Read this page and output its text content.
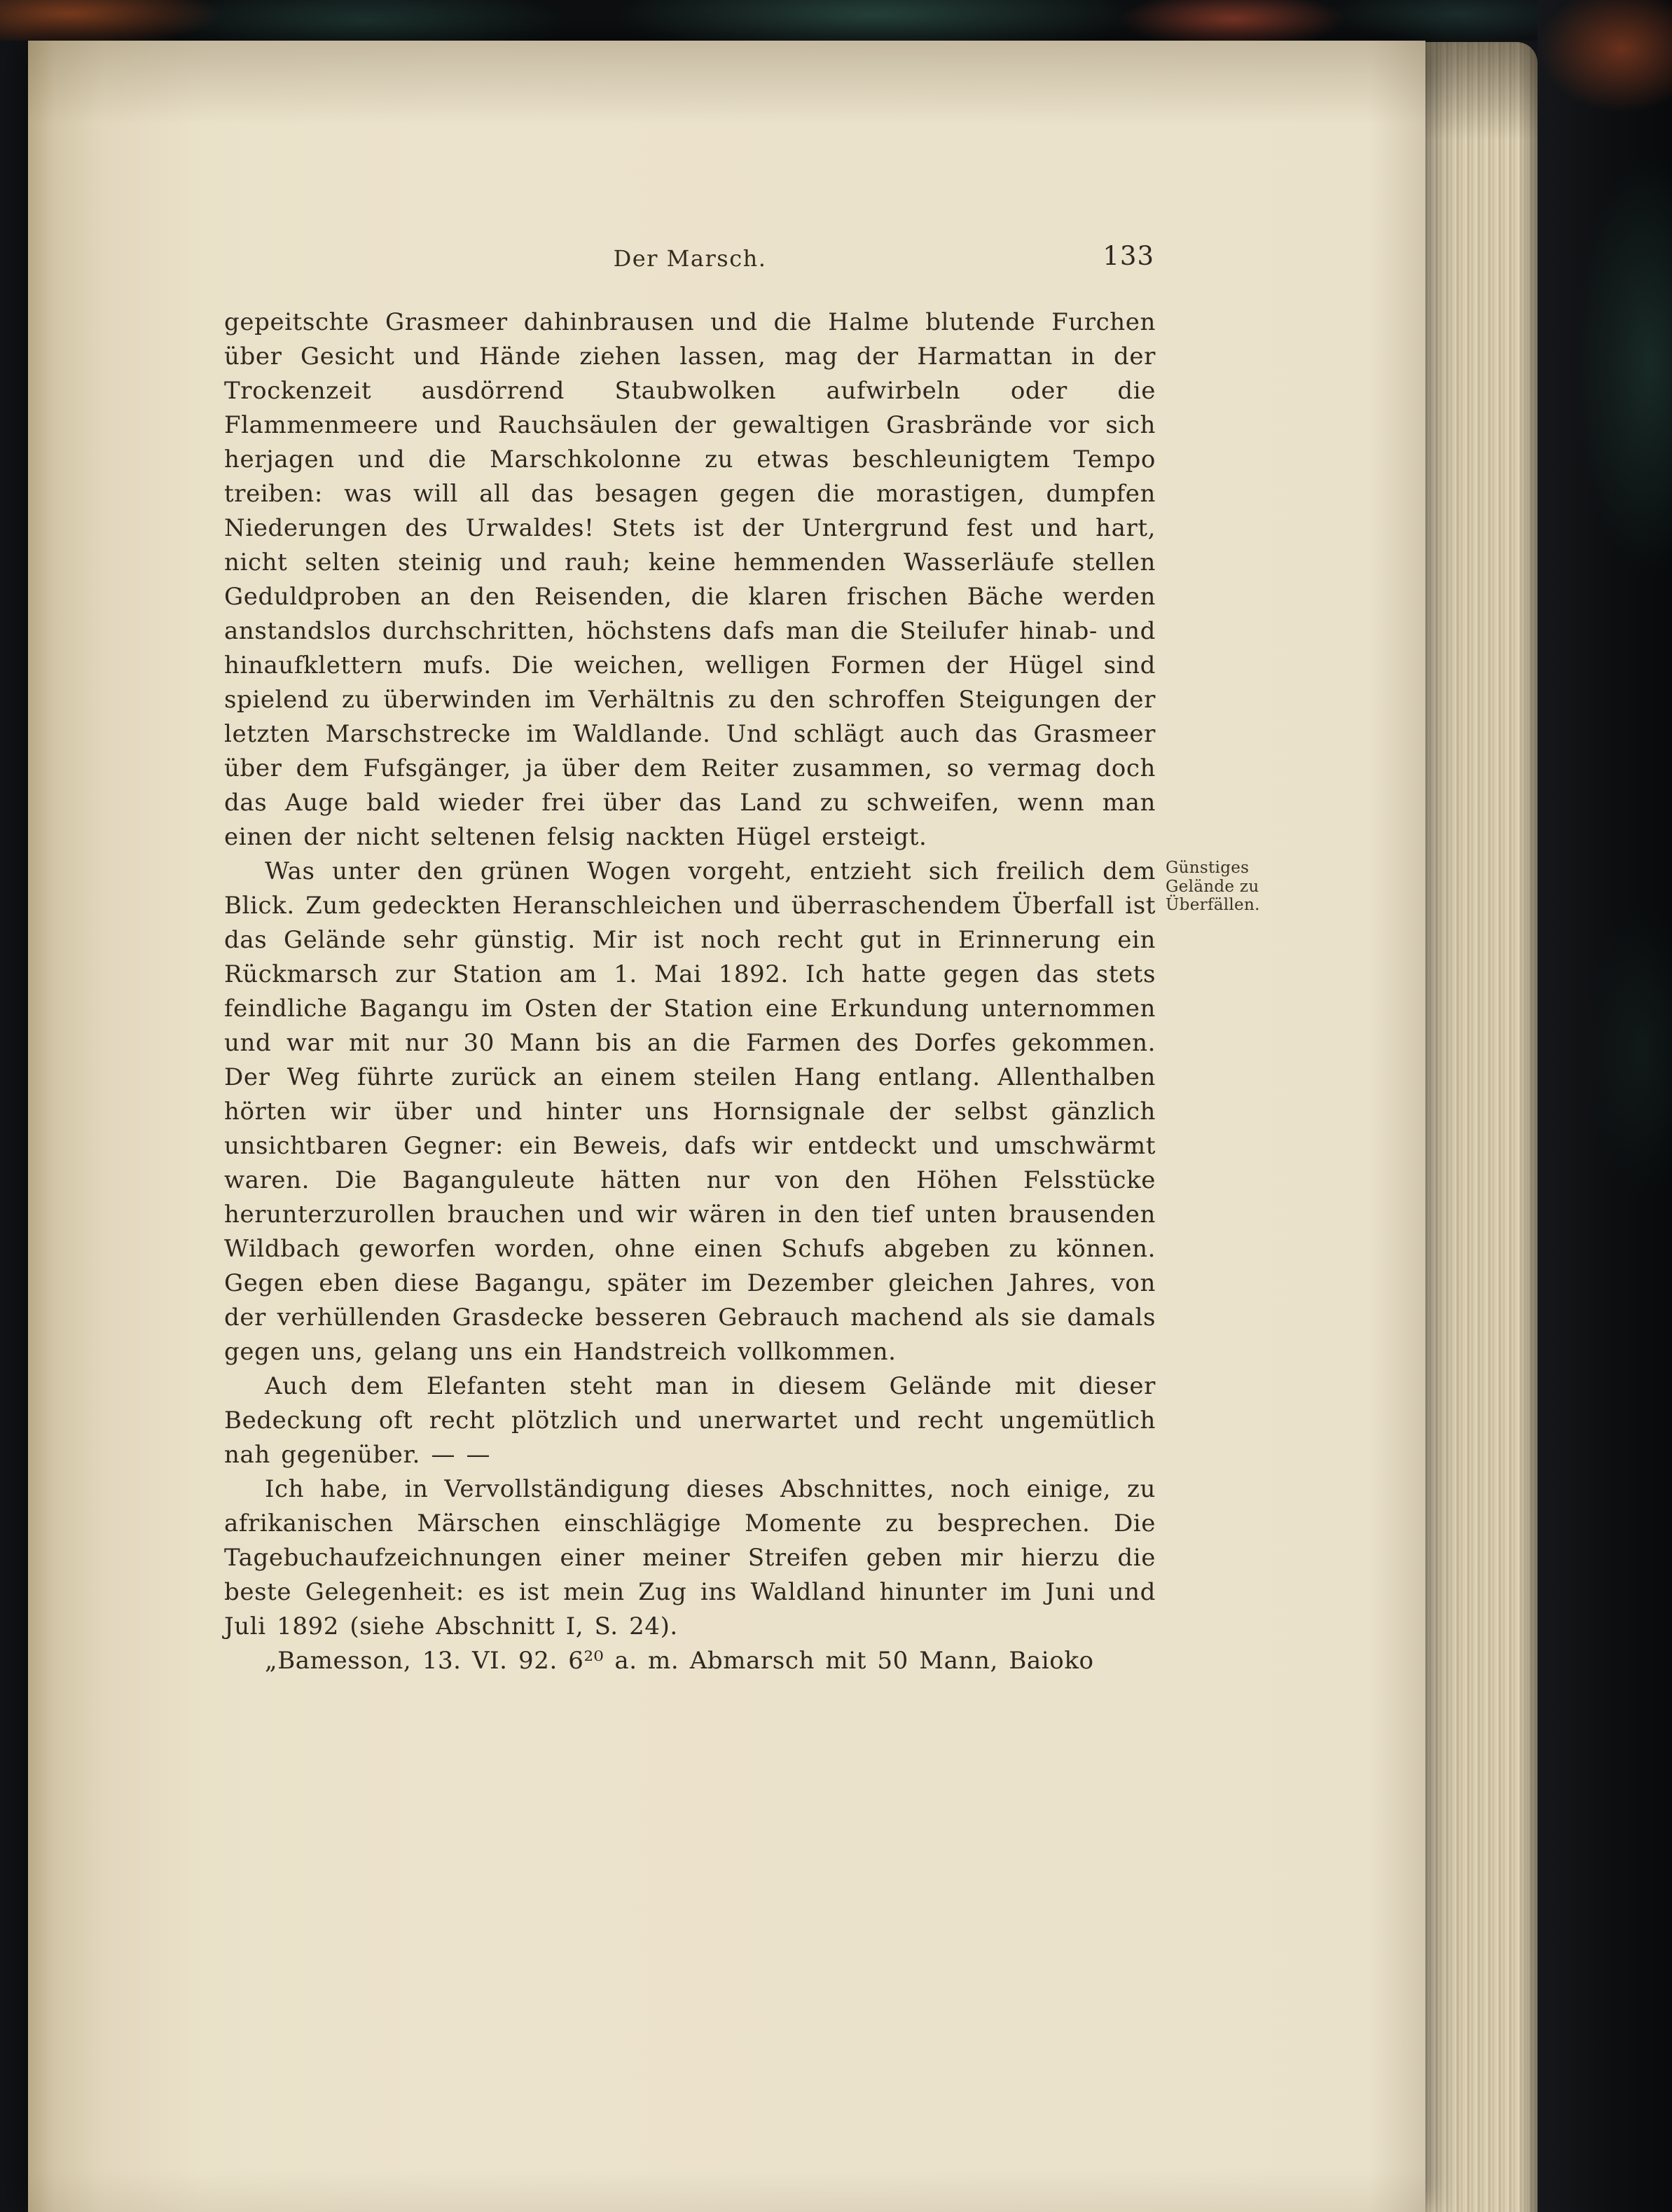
Der Marsch.	133

gepeitschte Grasmeer dahinbrausen und die Halme blutende Furchen über Gesicht und Hände ziehen lassen, mag der Harmattan in der Trockenzeit ausdörrend Staubwolken aufwirbeln oder die Flammenmeere und Rauchsäulen der gewaltigen Grasbrände vor sich herjagen und die Marschkolonne zu etwas beschleunigtem Tempo treiben: was will all das besagen gegen die morastigen, dumpfen Niederungen des Urwaldes! Stets ist der Untergrund fest und hart, nicht selten steinig und rauh; keine hemmenden Wasserläufe stellen Geduldproben an den Reisenden, die klaren frischen Bäche werden anstandslos durchschritten, höchstens dafs man die Steilufer hinab- und hinaufklettern mufs. Die weichen, welligen Formen der Hügel sind spielend zu überwinden im Verhältnis zu den schroffen Steigungen der letzten Marschstrecke im Waldlande. Und schlägt auch das Grasmeer über dem Fufsgänger, ja über dem Reiter zusammen, so vermag doch das Auge bald wieder frei über das Land zu schweifen, wenn man einen der nicht seltenen felsig nackten Hügel ersteigt.

Was unter den grünen Wogen vorgeht, entzieht sich freilich dem Blick. Zum gedeckten Heranschleichen und überraschendem Überfall ist das Gelände sehr günstig. Mir ist noch recht gut in Erinnerung ein Rückmarsch zur Station am 1. Mai 1892. Ich hatte gegen das stets feindliche Bagangu im Osten der Station eine Erkundung unternommen und war mit nur 30 Mann bis an die Farmen des Dorfes gekommen. Der Weg führte zurück an einem steilen Hang entlang. Allenthalben hörten wir über und hinter uns Hornsignale der selbst gänzlich unsichtbaren Gegner: ein Beweis, dafs wir entdeckt und umschwärmt waren. Die Baganguleute hätten nur von den Höhen Felsstücke herunterzurollen brauchen und wir wären in den tief unten brausenden Wildbach geworfen worden, ohne einen Schufs abgeben zu können. Gegen eben diese Bagangu, später im Dezember gleichen Jahres, von der verhüllenden Grasdecke besseren Gebrauch machend als sie damals gegen uns, gelang uns ein Handstreich vollkommen.

Günstiges
Gelände zu
Überfällen.

Auch dem Elefanten steht man in diesem Gelände mit dieser Bedeckung oft recht plötzlich und unerwartet und recht ungemütlich nah gegenüber. — —

Ich habe, in Vervollständigung dieses Abschnittes, noch einige, zu afrikanischen Märschen einschlägige Momente zu besprechen. Die Tagebuchaufzeichnungen einer meiner Streifen geben mir hierzu die beste Gelegenheit: es ist mein Zug ins Waldland hinunter im Juni und Juli 1892 (siehe Abschnitt I, S. 24).

„Bamesson, 13. VI. 92. 6²⁰ a. m. Abmarsch mit 50 Mann, Baioko
